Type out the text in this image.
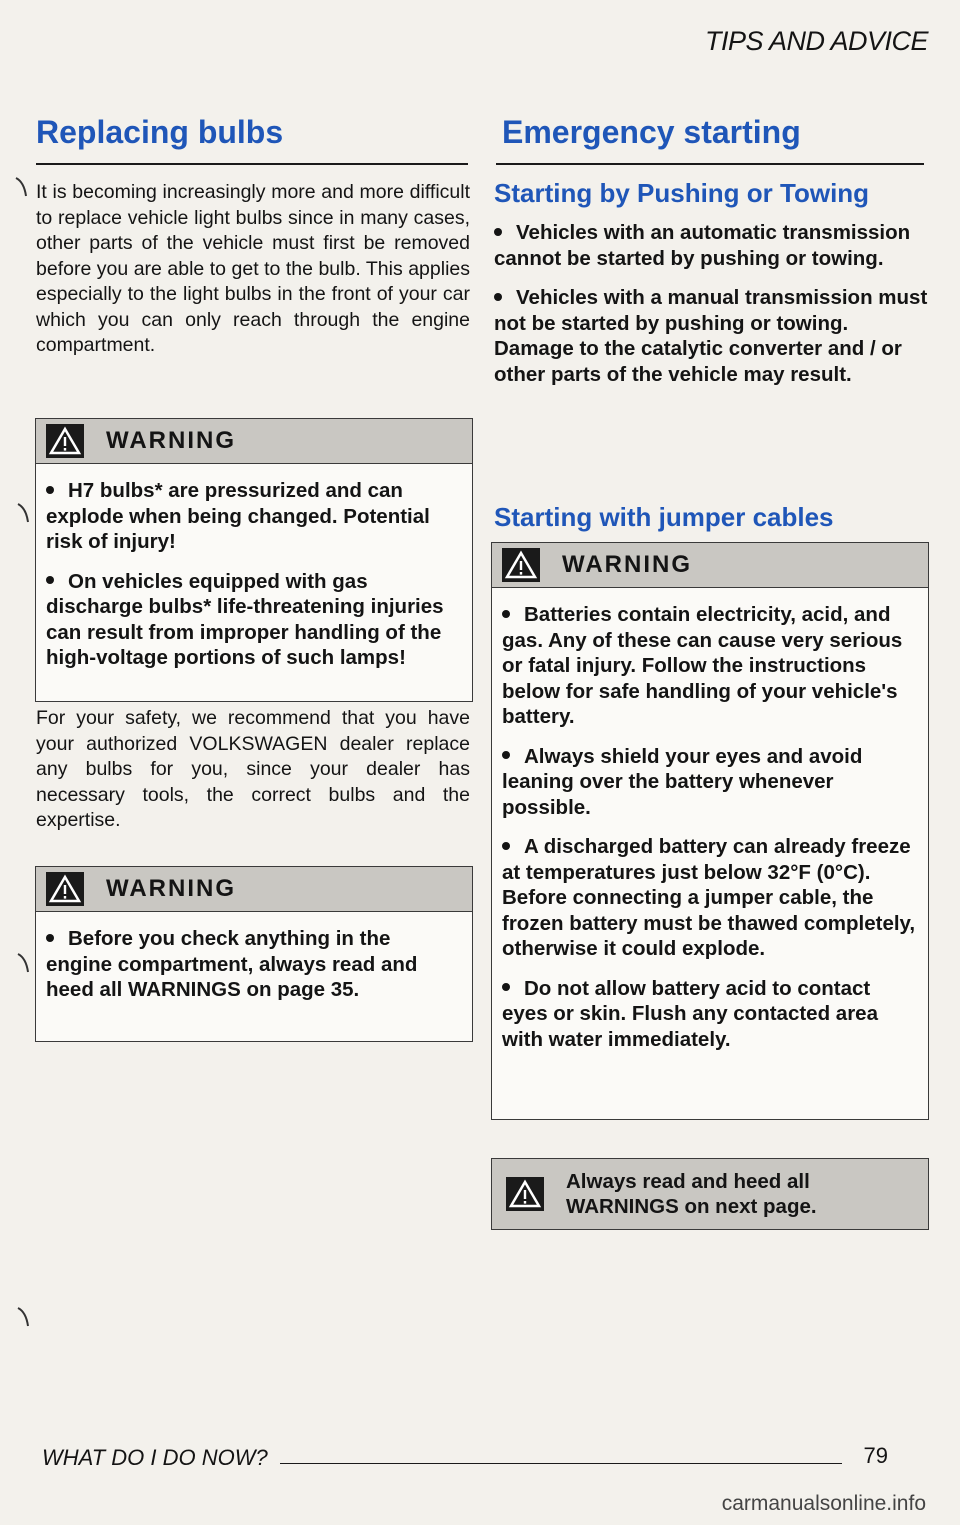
TIPS AND ADVICE
Replacing bulbs

It is becoming increasingly more and more difficult to replace vehicle light bulbs since in many cases, other parts of the vehicle must first be removed before you are able to get to the bulb. This applies especially to the light bulbs in the front of your car which you can only reach through the engine compartment.

WARNING
H7 bulbs* are pressurized and can explode when being changed. Potential risk of injury!
On vehicles equipped with gas discharge bulbs* life-threatening injuries can result from improper handling of the high-voltage portions of such lamps!

For your safety, we recommend that you have your authorized VOLKSWAGEN dealer replace any bulbs for you, since your dealer has necessary tools, the correct bulbs and the expertise.

WARNING
Before you check anything in the engine compartment, always read and heed all WARNINGS on page 35.
Emergency starting
Starting by Pushing or Towing
Vehicles with an automatic transmission cannot be started by pushing or towing.
Vehicles with a manual transmission must not be started by pushing or towing.

Damage to the catalytic converter and / or other parts of the vehicle may result.

Starting with jumper cables
WARNING
Batteries contain electricity, acid, and gas. Any of these can cause very serious or fatal injury. Follow the instructions below for safe handling of your vehicle's battery.
Always shield your eyes and avoid leaning over the battery whenever possible.
A discharged battery can already freeze at temperatures just below 32°F (0°C). Before connecting a jumper cable, the frozen battery must be thawed completely, otherwise it could explode.
Do not allow battery acid to contact eyes or skin. Flush any contacted area with water immediately.
Always read and heed all WARNINGS on next page.
WHAT DO I DO NOW?	79
carmanualsonline.info
